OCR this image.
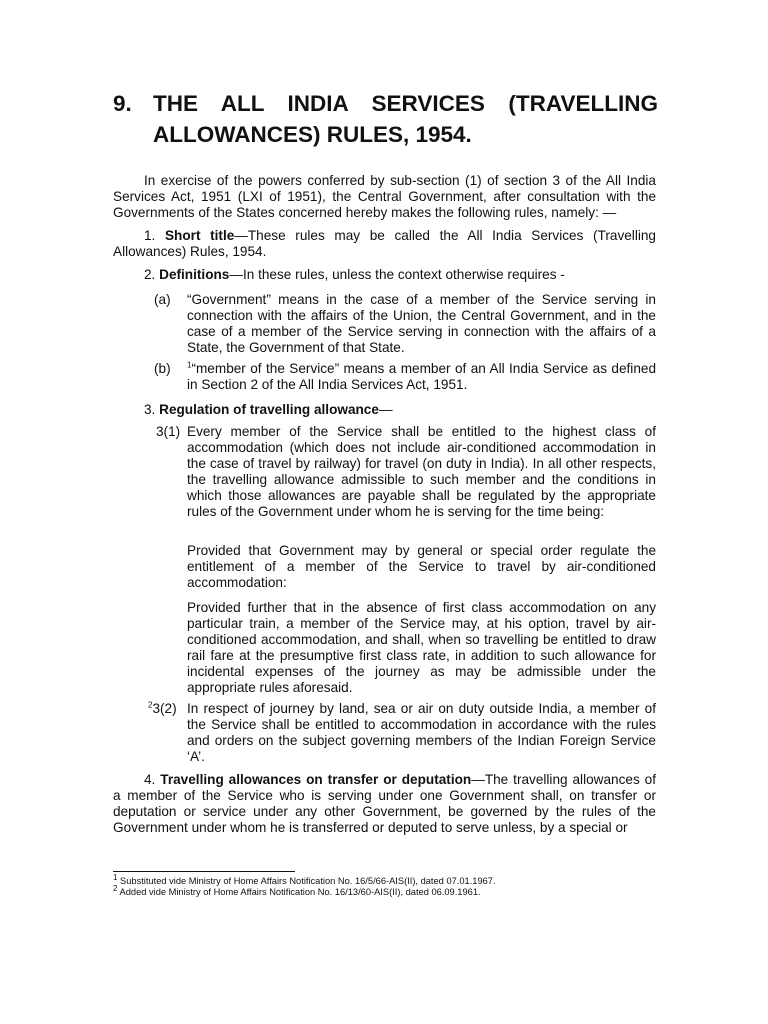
9. THE ALL INDIA SERVICES (TRAVELLING
ALLOWANCES) RULES, 1954.

In exercise of the powers conferred by sub-section (1) of section 3 of the All India Services Act, 1951 (LXI of 1951), the Central Government, after consultation with the Governments of the States concerned hereby makes the following rules, namely: —

1. Short title—These rules may be called the All India Services (Travelling Allowances) Rules, 1954.

2. Definitions—In these rules, unless the context otherwise requires -

(a) “Government” means in the case of a member of the Service serving in connection with the affairs of the Union, the Central Government, and in the case of a member of the Service serving in connection with the affairs of a State, the Government of that State.
(b) $^1$“member of the Service” means a member of an All India Service as defined in Section 2 of the All India Services Act, 1951.

3. Regulation of travelling allowance—

3(1) Every member of the Service shall be entitled to the highest class of accommodation (which does not include air-conditioned accommodation in the case of travel by railway) for travel (on duty in India). In all other respects, the travelling allowance admissible to such member and the conditions in which those allowances are payable shall be regulated by the appropriate rules of the Government under whom he is serving for the time being:

Provided that Government may by general or special order regulate the entitlement of a member of the Service to travel by air-conditioned accommodation:

Provided further that in the absence of first class accommodation on any particular train, a member of the Service may, at his option, travel by air-conditioned accommodation, and shall, when so travelling be entitled to draw rail fare at the presumptive first class rate, in addition to such allowance for incidental expenses of the journey as may be admissible under the appropriate rules aforesaid.

$^2$3(2) In respect of journey by land, sea or air on duty outside India, a member of the Service shall be entitled to accommodation in accordance with the rules and orders on the subject governing members of the Indian Foreign Service ‘A’.

4. Travelling allowances on transfer or deputation—The travelling allowances of a member of the Service who is serving under one Government shall, on transfer or deputation or service under any other Government, be governed by the rules of the Government under whom he is transferred or deputed to serve unless, by a special or

$^1$ Substituted vide Ministry of Home Affairs Notification No. 16/5/66-AIS(II), dated 07.01.1967.
$^2$ Added vide Ministry of Home Affairs Notification No. 16/13/60-AIS(II), dated 06.09.1961.
